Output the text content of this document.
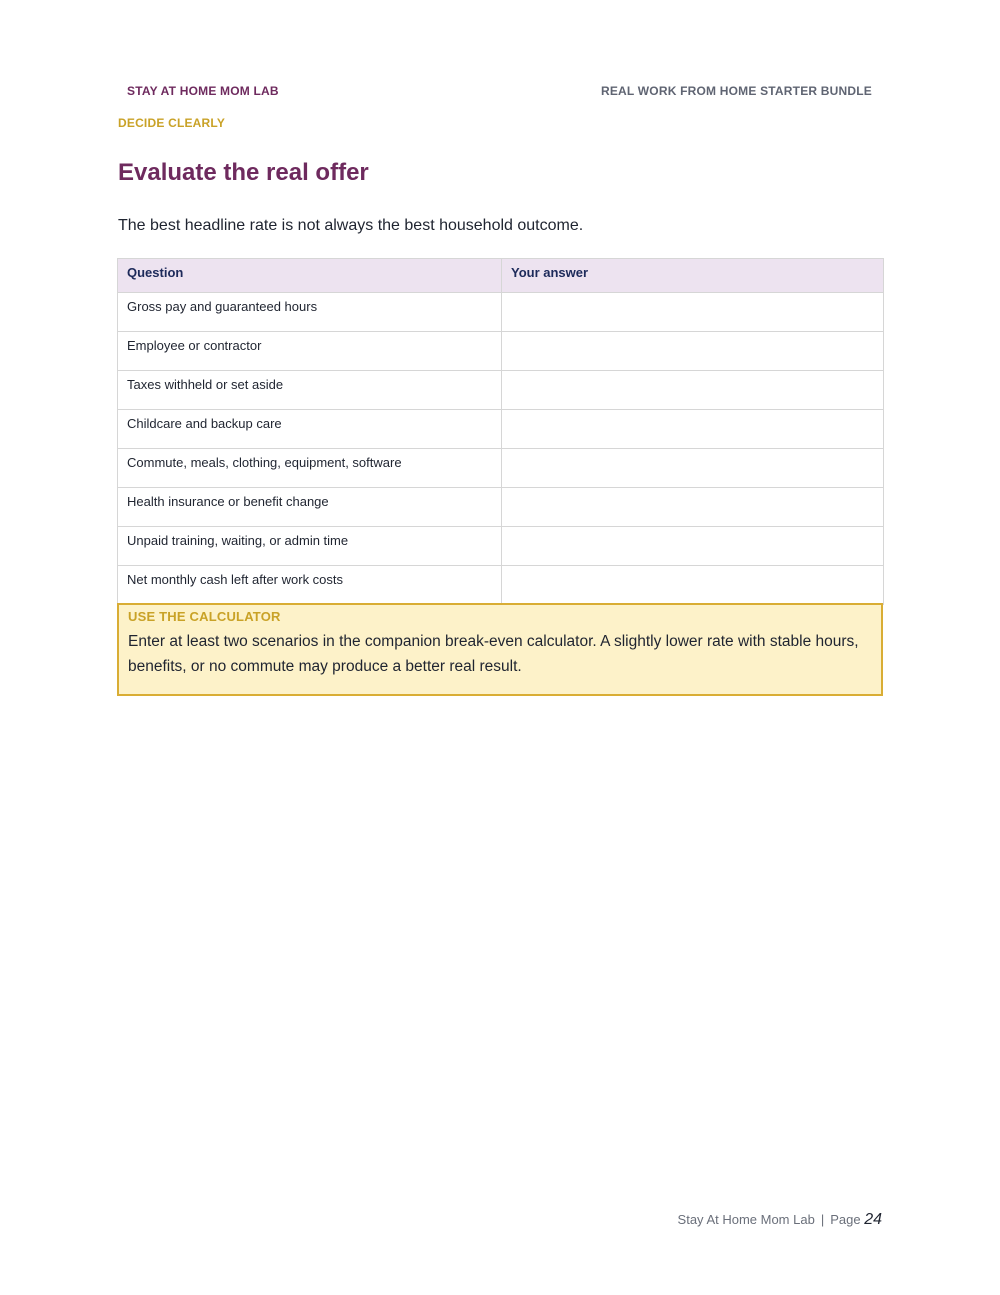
STAY AT HOME MOM LAB	REAL WORK FROM HOME STARTER BUNDLE
DECIDE CLEARLY
Evaluate the real offer

The best headline rate is not always the best household outcome.

Question	Your answer
Gross pay and guaranteed hours	
Employee or contractor	
Taxes withheld or set aside	
Childcare and backup care	
Commute, meals, clothing, equipment, software	
Health insurance or benefit change	
Unpaid training, waiting, or admin time	
Net monthly cash left after work costs	
USE THE CALCULATOR
Enter at least two scenarios in the companion break-even calculator. A slightly lower rate with stable hours, benefits, or no commute may produce a better real result.
Stay At Home Mom Lab | Page 24
